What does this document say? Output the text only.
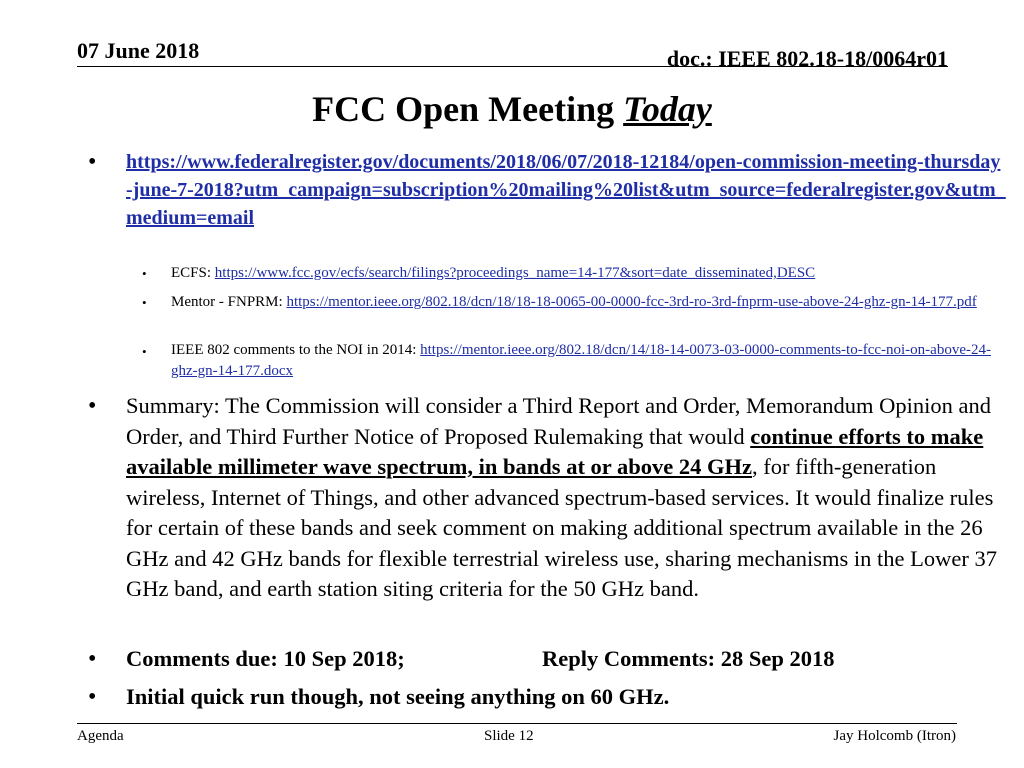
07 June 2018	doc.: IEEE 802.18-18/0064r01
FCC Open Meeting Today
• https://www.federalregister.gov/documents/2018/06/07/2018-12184/open-commission-meeting-thursday-june-7-2018?utm_campaign=subscription%20mailing%20list&utm_source=federalregister.gov&utm_medium=email
• ECFS: https://www.fcc.gov/ecfs/search/filings?proceedings_name=14-177&sort=date_disseminated,DESC
• Mentor - FNPRM: https://mentor.ieee.org/802.18/dcn/18/18-18-0065-00-0000-fcc-3rd-ro-3rd-fnprm-use-above-24-ghz-gn-14-177.pdf
• IEEE 802 comments to the NOI in 2014: https://mentor.ieee.org/802.18/dcn/14/18-14-0073-03-0000-comments-to-fcc-noi-on-above-24-ghz-gn-14-177.docx
• Summary: The Commission will consider a Third Report and Order, Memorandum Opinion and Order, and Third Further Notice of Proposed Rulemaking that would continue efforts to make available millimeter wave spectrum, in bands at or above 24 GHz, for fifth-generation wireless, Internet of Things, and other advanced spectrum-based services. It would finalize rules for certain of these bands and seek comment on making additional spectrum available in the 26 GHz and 42 GHz bands for flexible terrestrial wireless use, sharing mechanisms in the Lower 37 GHz band, and earth station siting criteria for the 50 GHz band.
• Comments due: 10 Sep 2018;	Reply Comments: 28 Sep 2018
• Initial quick run though, not seeing anything on 60 GHz.
Agenda	Slide 12	Jay Holcomb (Itron)
